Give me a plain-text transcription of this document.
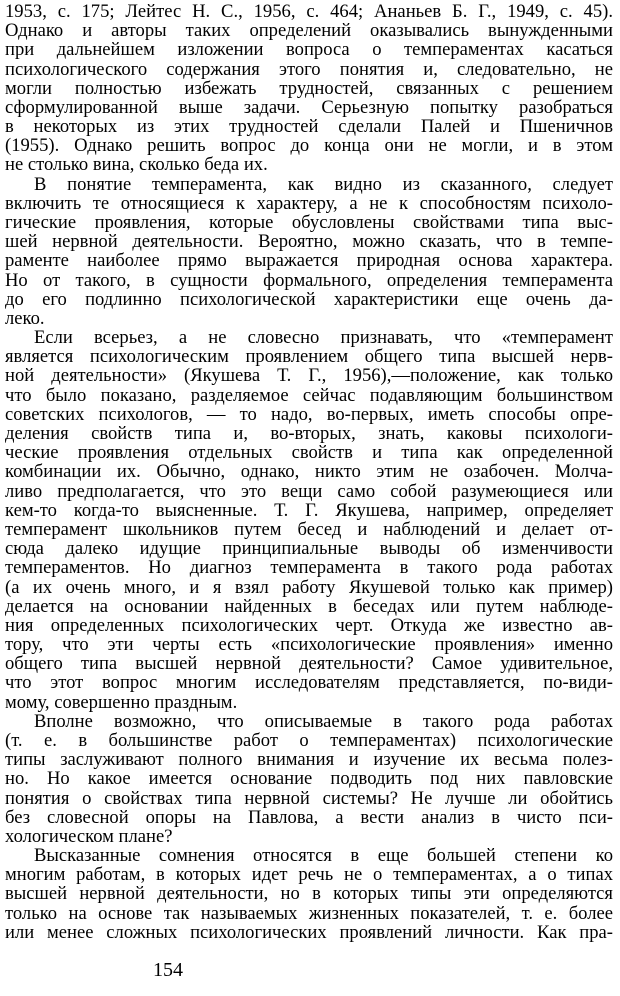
1953, с. 175; Лейтес Н. С., 1956, с. 464; Ананьев Б. Г., 1949, с. 45).
Однако и авторы таких определений оказывались вынужденными
при дальнейшем изложении вопроса о темпераментах касаться
психологического содержания этого понятия и, следовательно, не
могли полностью избежать трудностей, связанных с решением
сформулированной выше задачи. Серьезную попытку разобраться
в некоторых из этих трудностей сделали Палей и Пшеничнов
(1955). Однако решить вопрос до конца они не могли, и в этом
не столько вина, сколько беда их.
В понятие темперамента, как видно из сказанного, следует
включить те относящиеся к характеру, а не к способностям психоло-
гические проявления, которые обусловлены свойствами типа выс-
шей нервной деятельности. Вероятно, можно сказать, что в темпе-
раменте наиболее прямо выражается природная основа характера.
Но от такого, в сущности формального, определения темперамента
до его подлинно психологической характеристики еще очень да-
леко.
Если всерьез, а не словесно признавать, что «темперамент
является психологическим проявлением общего типа высшей нерв-
ной деятельности» (Якушева Т. Г., 1956),—положение, как только
что было показано, разделяемое сейчас подавляющим большинством
советских психологов, — то надо, во-первых, иметь способы опре-
деления свойств типа и, во-вторых, знать, каковы психологи-
ческие проявления отдельных свойств и типа как определенной
комбинации их. Обычно, однако, никто этим не озабочен. Молча-
ливо предполагается, что это вещи само собой разумеющиеся или
кем-то когда-то выясненные. Т. Г. Якушева, например, определяет
темперамент школьников путем бесед и наблюдений и делает от-
сюда далеко идущие принципиальные выводы об изменчивости
темпераментов. Но диагноз темперамента в такого рода работах
(а их очень много, и я взял работу Якушевой только как пример)
делается на основании найденных в беседах или путем наблюде-
ния определенных психологических черт. Откуда же известно ав-
тору, что эти черты есть «психологические проявления» именно
общего типа высшей нервной деятельности? Самое удивительное,
что этот вопрос многим исследователям представляется, по-види-
мому, совершенно праздным.
Вполне возможно, что описываемые в такого рода работах
(т. е. в большинстве работ о темпераментах) психологические
типы заслуживают полного внимания и изучение их весьма полез-
но. Но какое имеется основание подводить под них павловские
понятия о свойствах типа нервной системы? Не лучше ли обойтись
без словесной опоры на Павлова, а вести анализ в чисто пси-
хологическом плане?
Высказанные сомнения относятся в еще большей степени ко
многим работам, в которых идет речь не о темпераментах, а о типах
высшей нервной деятельности, но в которых типы эти определяются
только на основе так называемых жизненных показателей, т. е. более
или менее сложных психологических проявлений личности. Как пра-
154
